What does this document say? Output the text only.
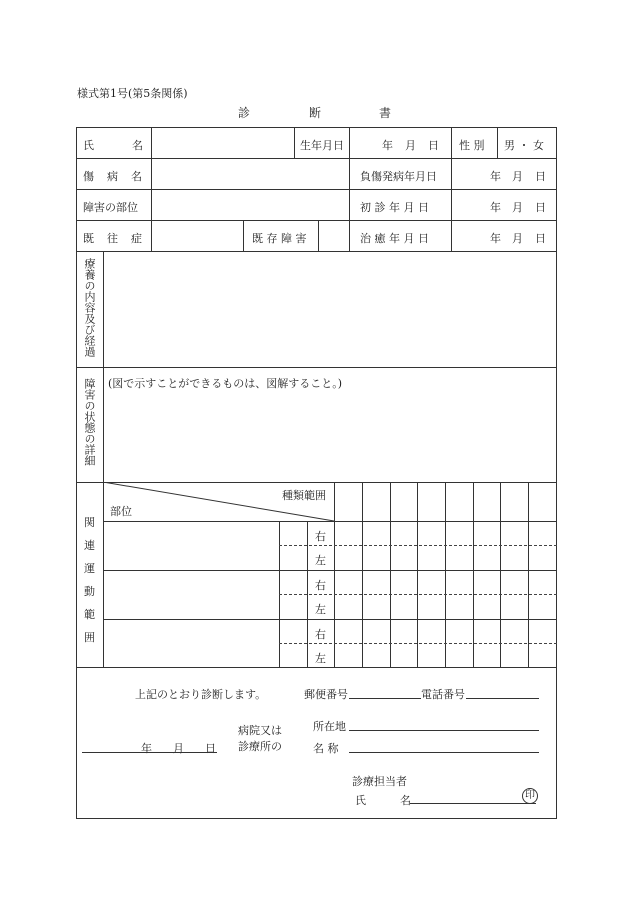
様式第1号(第5条関係)
診	断	書
氏	名	生年月日	年 月 日 性 別 男 ・ 女
傷 病 名	負傷発病年月日	年 月 日
障害の部位	初 診 年 月 日	年 月 日
既 往 症	既 存 障 害	治 癒 年 月 日	年 月 日
療養の内容及び経過
障害の状態の詳細 (図で示すことができるものは、図解すること。)
関
連
運
動
範
囲
種類範囲
部位
右
左
右
左
右
左
上記のとおり診断します。	郵便番号	電話番号
病院又は
診療所の
所在地
名 称
年 月 日
診療担当者
氏	名	印
